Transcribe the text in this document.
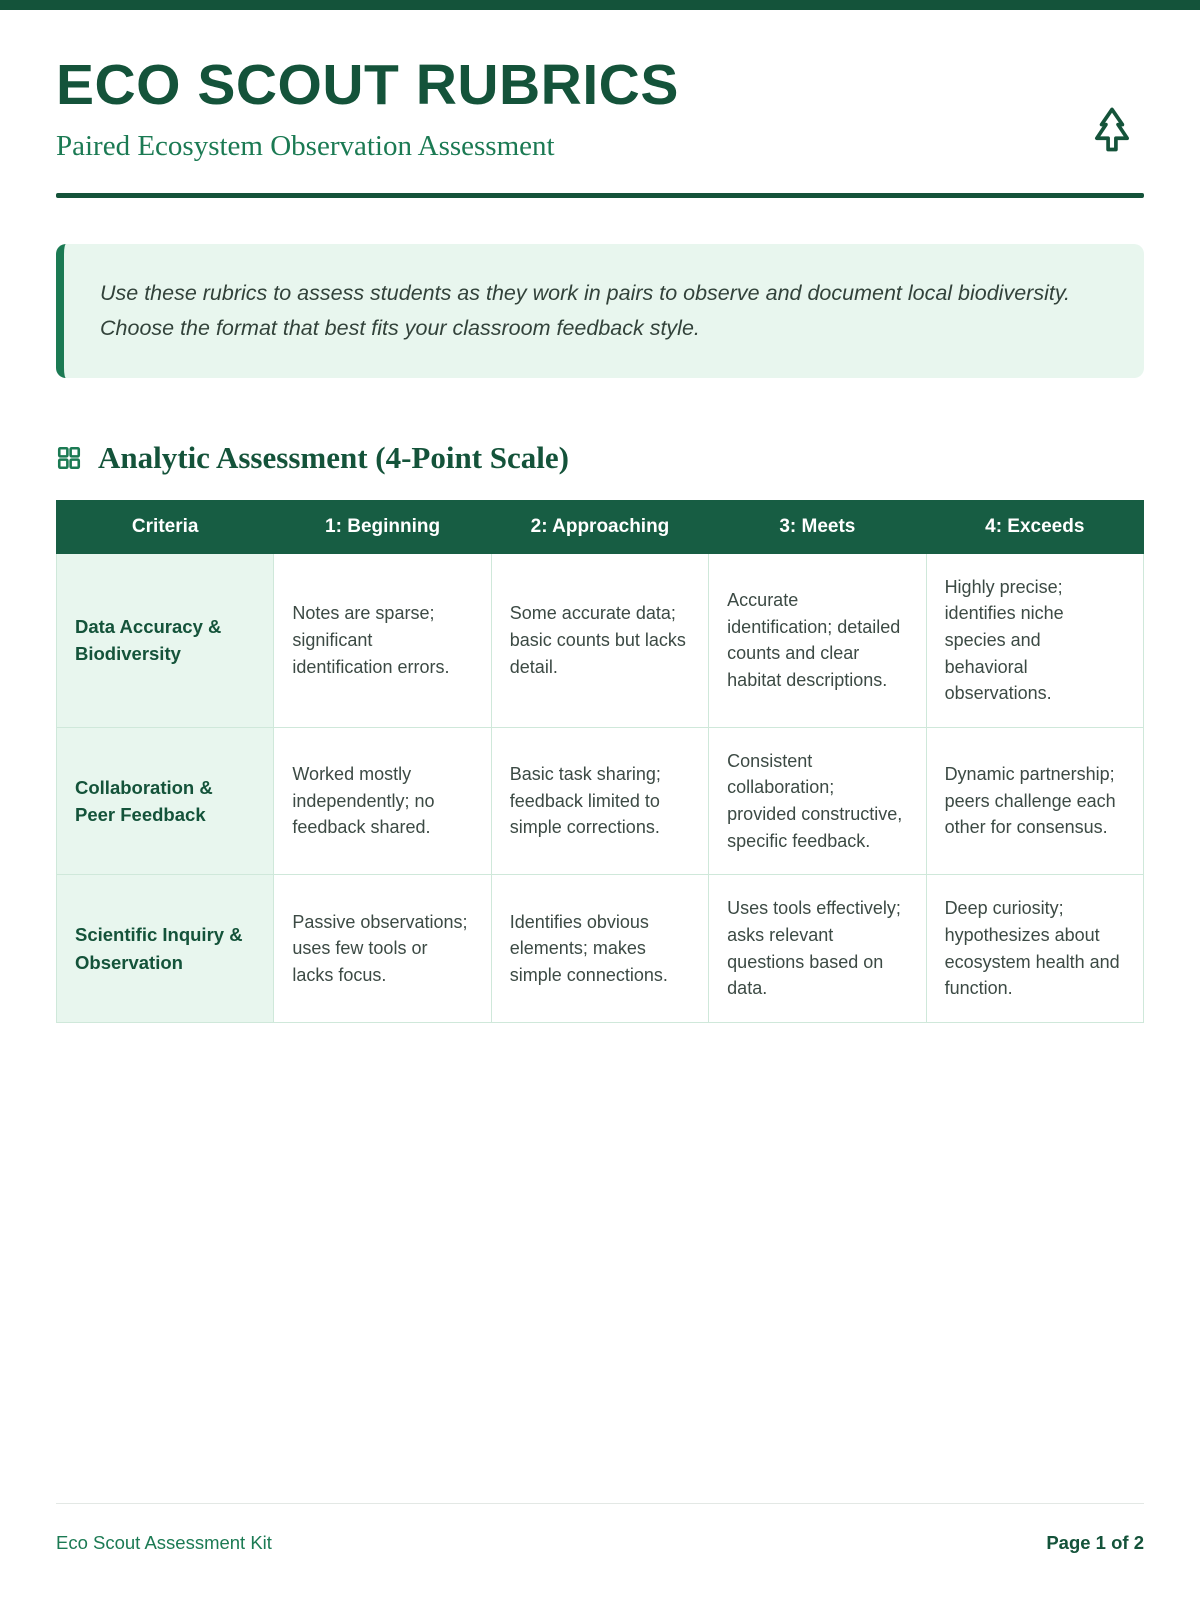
ECO SCOUT RUBRICS
Paired Ecosystem Observation Assessment
Use these rubrics to assess students as they work in pairs to observe and document local biodiversity. Choose the format that best fits your classroom feedback style.
Analytic Assessment (4-Point Scale)
Criteria	1: Beginning	2: Approaching	3: Meets	4: Exceeds
Data Accuracy & Biodiversity	Notes are sparse; significant identification errors.	Some accurate data; basic counts but lacks detail.	Accurate identification; detailed counts and clear habitat descriptions.	Highly precise; identifies niche species and behavioral observations.
Collaboration & Peer Feedback	Worked mostly independently; no feedback shared.	Basic task sharing; feedback limited to simple corrections.	Consistent collaboration; provided constructive, specific feedback.	Dynamic partnership; peers challenge each other for consensus.
Scientific Inquiry & Observation	Passive observations; uses few tools or lacks focus.	Identifies obvious elements; makes simple connections.	Uses tools effectively; asks relevant questions based on data.	Deep curiosity; hypothesizes about ecosystem health and function.
Eco Scout Assessment Kit	Page 1 of 2
